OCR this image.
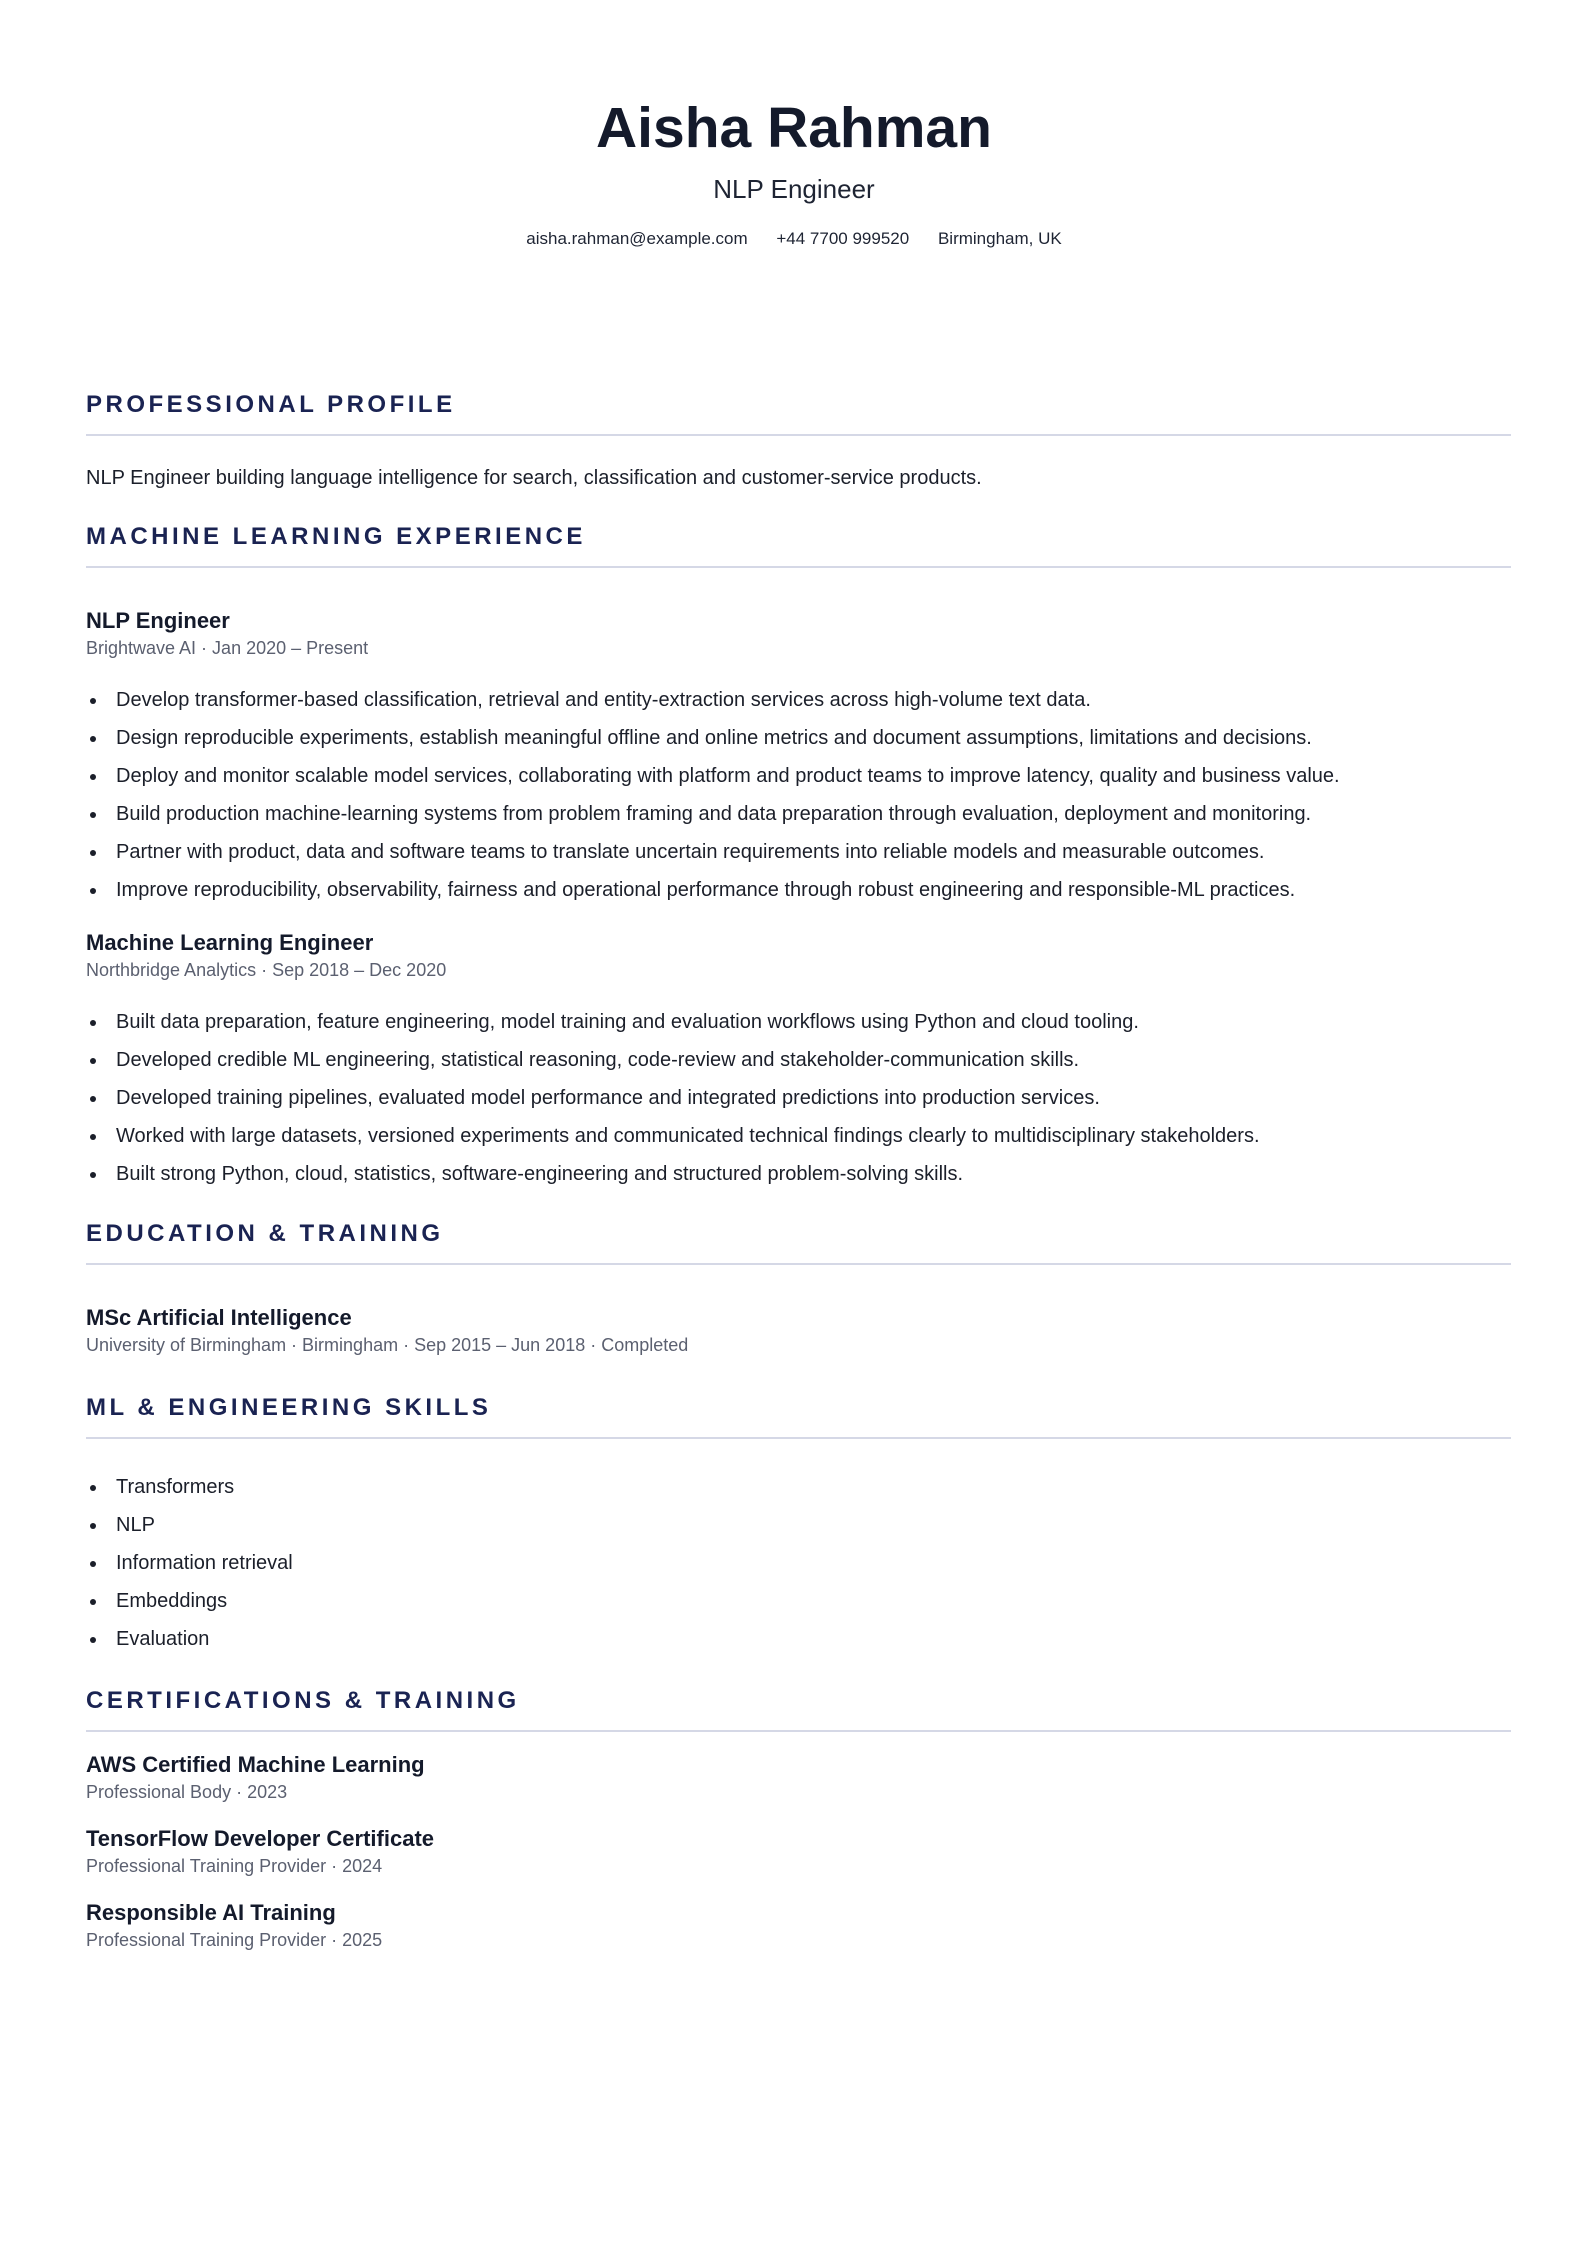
Aisha Rahman
NLP Engineer
aisha.rahman@example.com +44 7700 999520 Birmingham, UK
PROFESSIONAL PROFILE
NLP Engineer building language intelligence for search, classification and customer-service products.
MACHINE LEARNING EXPERIENCE
NLP Engineer
Brightwave AI · Jan 2020 – Present
Develop transformer-based classification, retrieval and entity-extraction services across high-volume text data.
Design reproducible experiments, establish meaningful offline and online metrics and document assumptions, limitations and decisions.
Deploy and monitor scalable model services, collaborating with platform and product teams to improve latency, quality and business value.
Build production machine-learning systems from problem framing and data preparation through evaluation, deployment and monitoring.
Partner with product, data and software teams to translate uncertain requirements into reliable models and measurable outcomes.
Improve reproducibility, observability, fairness and operational performance through robust engineering and responsible-ML practices.
Machine Learning Engineer
Northbridge Analytics · Sep 2018 – Dec 2020
Built data preparation, feature engineering, model training and evaluation workflows using Python and cloud tooling.
Developed credible ML engineering, statistical reasoning, code-review and stakeholder-communication skills.
Developed training pipelines, evaluated model performance and integrated predictions into production services.
Worked with large datasets, versioned experiments and communicated technical findings clearly to multidisciplinary stakeholders.
Built strong Python, cloud, statistics, software-engineering and structured problem-solving skills.
EDUCATION & TRAINING
MSc Artificial Intelligence
University of Birmingham · Birmingham · Sep 2015 – Jun 2018 · Completed
ML & ENGINEERING SKILLS
Transformers
NLP
Information retrieval
Embeddings
Evaluation
CERTIFICATIONS & TRAINING
AWS Certified Machine Learning
Professional Body · 2023
TensorFlow Developer Certificate
Professional Training Provider · 2024
Responsible AI Training
Professional Training Provider · 2025
